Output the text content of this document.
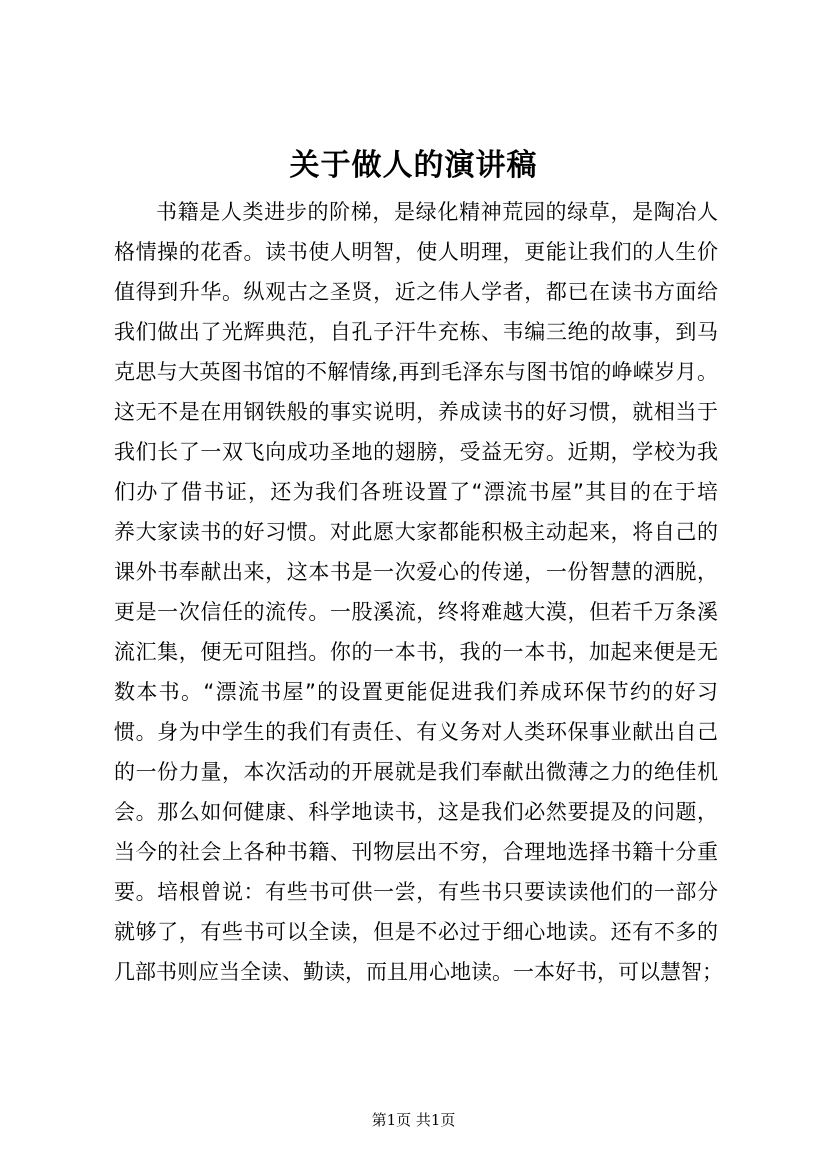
关于做人的演讲稿
书籍是人类进步的阶梯，是绿化精神荒园的绿草，是陶冶人
格情操的花香。读书使人明智，使人明理，更能让我们的人生价
值得到升华。纵观古之圣贤，近之伟人学者，都已在读书方面给
我们做出了光辉典范，自孔子汗牛充栋、韦编三绝的故事，到马
克思与大英图书馆的不解情缘,再到毛泽东与图书馆的峥嵘岁月。
这无不是在用钢铁般的事实说明，养成读书的好习惯，就相当于
我们长了一双飞向成功圣地的翅膀，受益无穷。近期，学校为我
们办了借书证，还为我们各班设置了“漂流书屋”其目的在于培
养大家读书的好习惯。对此愿大家都能积极主动起来，将自己的
课外书奉献出来，这本书是一次爱心的传递，一份智慧的洒脱，
更是一次信任的流传。一股溪流，终将难越大漠，但若千万条溪
流汇集，便无可阻挡。你的一本书，我的一本书，加起来便是无
数本书。“漂流书屋”的设置更能促进我们养成环保节约的好习
惯。身为中学生的我们有责任、有义务对人类环保事业献出自己
的一份力量，本次活动的开展就是我们奉献出微薄之力的绝佳机
会。那么如何健康、科学地读书，这是我们必然要提及的问题，
当今的社会上各种书籍、刊物层出不穷，合理地选择书籍十分重
要。培根曾说：有些书可供一尝，有些书只要读读他们的一部分
就够了，有些书可以全读，但是不必过于细心地读。还有不多的
几部书则应当全读、勤读，而且用心地读。一本好书，可以慧智；
第1页 共1页
